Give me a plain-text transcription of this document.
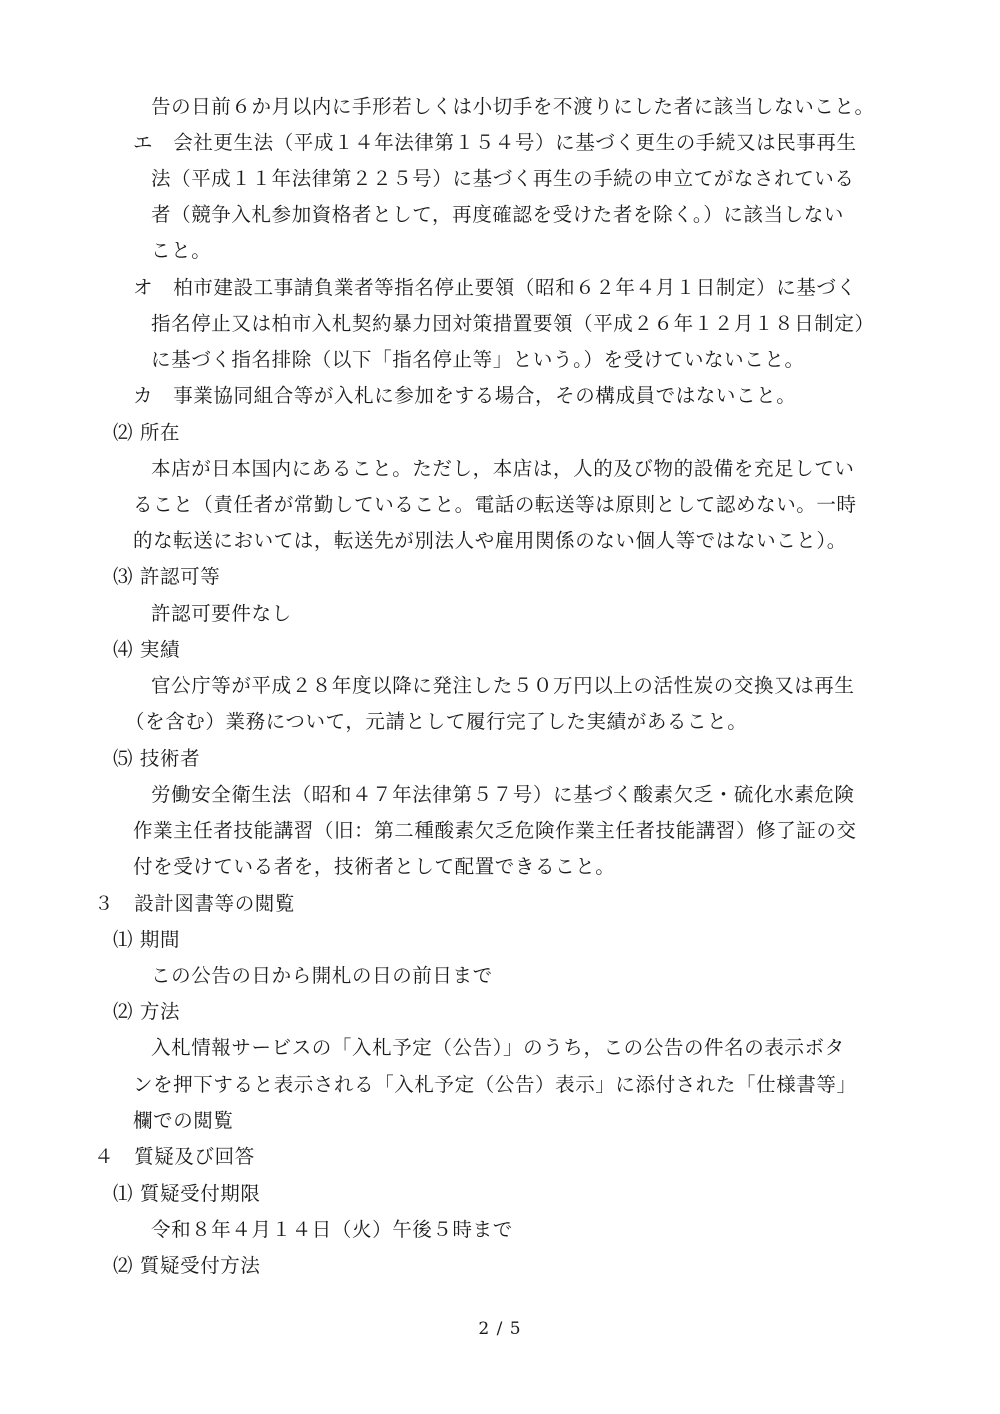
告の日前６か月以内に手形若しくは小切手を不渡りにした者に該当しないこと。
エ　会社更生法（平成１４年法律第１５４号）に基づく更生の手続又は民事再生
法（平成１１年法律第２２５号）に基づく再生の手続の申立てがなされている
者（競争入札参加資格者として，再度確認を受けた者を除く。）に該当しない
こと。
オ　柏市建設工事請負業者等指名停止要領（昭和６２年４月１日制定）に基づく
指名停止又は柏市入札契約暴力団対策措置要領（平成２６年１２月１８日制定）
に基づく指名排除（以下「指名停止等」という。）を受けていないこと。
カ　事業協同組合等が入札に参加をする場合，その構成員ではないこと。
⑵ 所在
本店が日本国内にあること。ただし，本店は，人的及び物的設備を充足してい
ること（責任者が常勤していること。電話の転送等は原則として認めない。一時
的な転送においては，転送先が別法人や雇用関係のない個人等ではないこと）。
⑶ 許認可等
許認可要件なし
⑷ 実績
官公庁等が平成２８年度以降に発注した５０万円以上の活性炭の交換又は再生
（を含む）業務について，元請として履行完了した実績があること。
⑸ 技術者
労働安全衛生法（昭和４７年法律第５７号）に基づく酸素欠乏・硫化水素危険
作業主任者技能講習（旧：第二種酸素欠乏危険作業主任者技能講習）修了証の交
付を受けている者を，技術者として配置できること。
３　設計図書等の閲覧
⑴ 期間
この公告の日から開札の日の前日まで
⑵ 方法
入札情報サービスの「入札予定（公告）」のうち，この公告の件名の表示ボタ
ンを押下すると表示される「入札予定（公告）表示」に添付された「仕様書等」
欄での閲覧
４　質疑及び回答
⑴ 質疑受付期限
令和８年４月１４日（火）午後５時まで
⑵ 質疑受付方法
2 / 5
